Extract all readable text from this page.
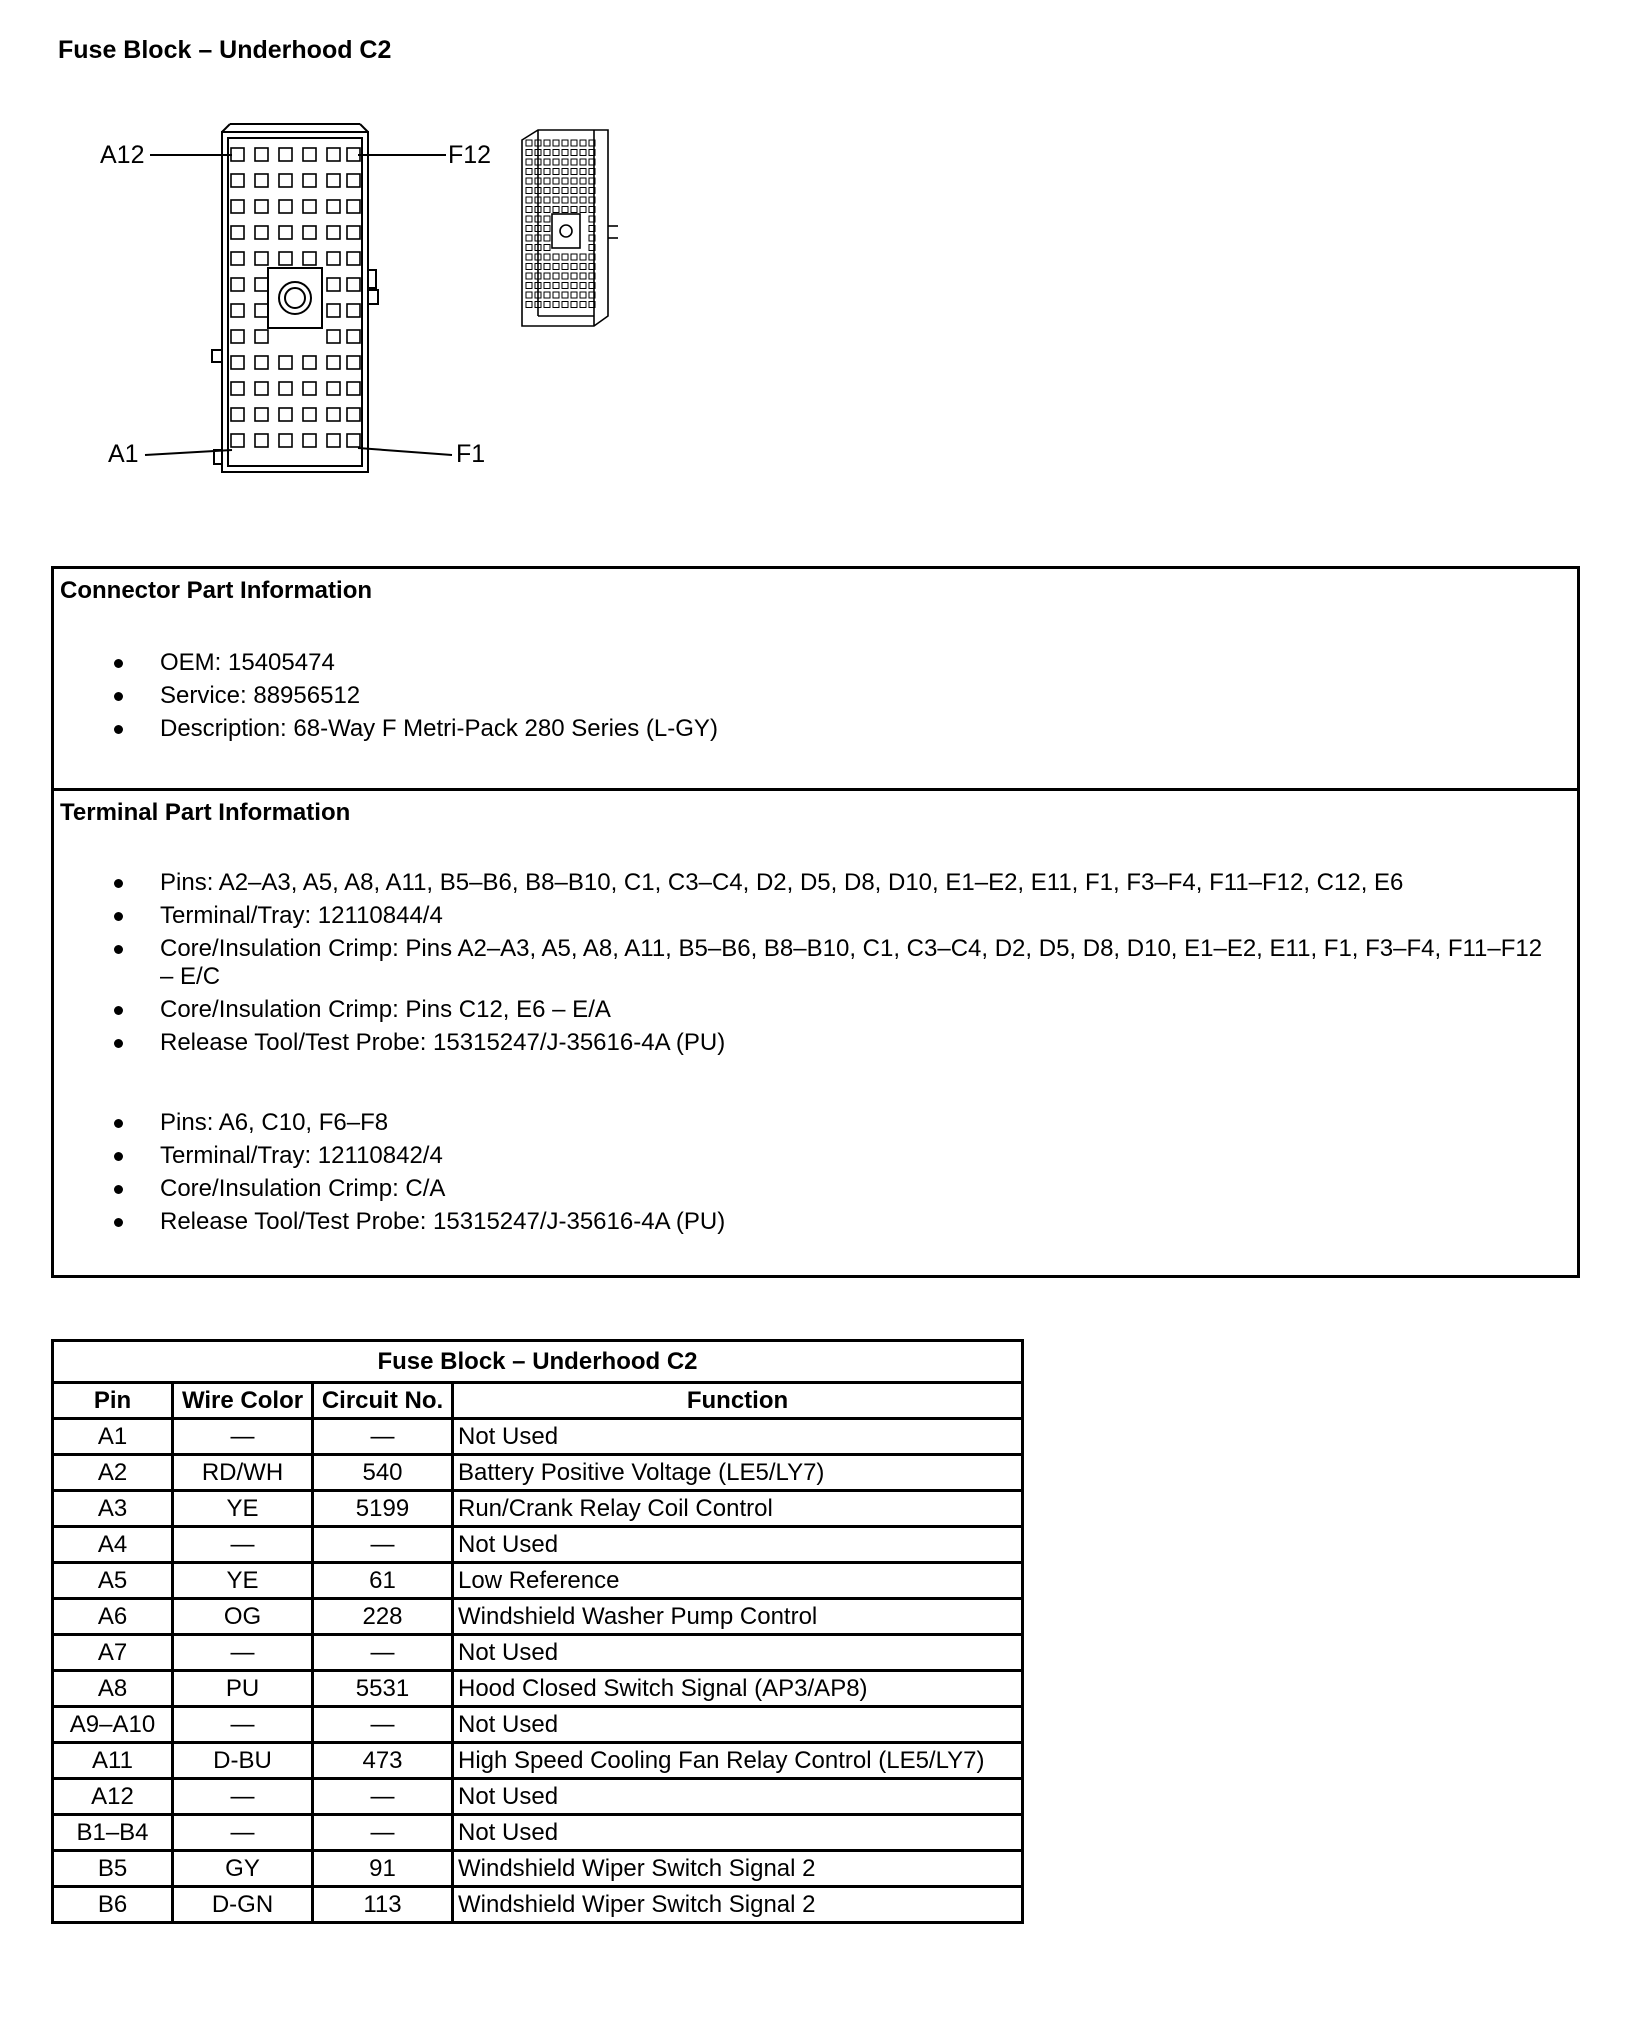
Fuse Block – Underhood C2
A12	F12
A1	F1
Connector Part Information
OEM: 15405474
Service: 88956512
Description: 68-Way F Metri-Pack 280 Series (L-GY)
Terminal Part Information
Pins: A2–A3, A5, A8, A11, B5–B6, B8–B10, C1, C3–C4, D2, D5, D8, D10, E1–E2, E11, F1, F3–F4, F11–F12, C12, E6
Terminal/Tray: 12110844/4
Core/Insulation Crimp: Pins A2–A3, A5, A8, A11, B5–B6, B8–B10, C1, C3–C4, D2, D5, D8, D10, E1–E2, E11, F1, F3–F4, F11–F12 – E/C
Core/Insulation Crimp: Pins C12, E6 – E/A
Release Tool/Test Probe: 15315247/J-35616-4A (PU)
Pins: A6, C10, F6–F8
Terminal/Tray: 12110842/4
Core/Insulation Crimp: C/A
Release Tool/Test Probe: 15315247/J-35616-4A (PU)
Fuse Block – Underhood C2			
Pin	Wire Color	Circuit No.	Function
A1	—	—	Not Used
A2	RD/WH	540	Battery Positive Voltage (LE5/LY7)
A3	YE	5199	Run/Crank Relay Coil Control
A4	—	—	Not Used
A5	YE	61	Low Reference
A6	OG	228	Windshield Washer Pump Control
A7	—	—	Not Used
A8	PU	5531	Hood Closed Switch Signal (AP3/AP8)
A9–A10	—	—	Not Used
A11	D-BU	473	High Speed Cooling Fan Relay Control (LE5/LY7)
A12	—	—	Not Used
B1–B4	—	—	Not Used
B5	GY	91	Windshield Wiper Switch Signal 2
B6	D-GN	113	Windshield Wiper Switch Signal 2
